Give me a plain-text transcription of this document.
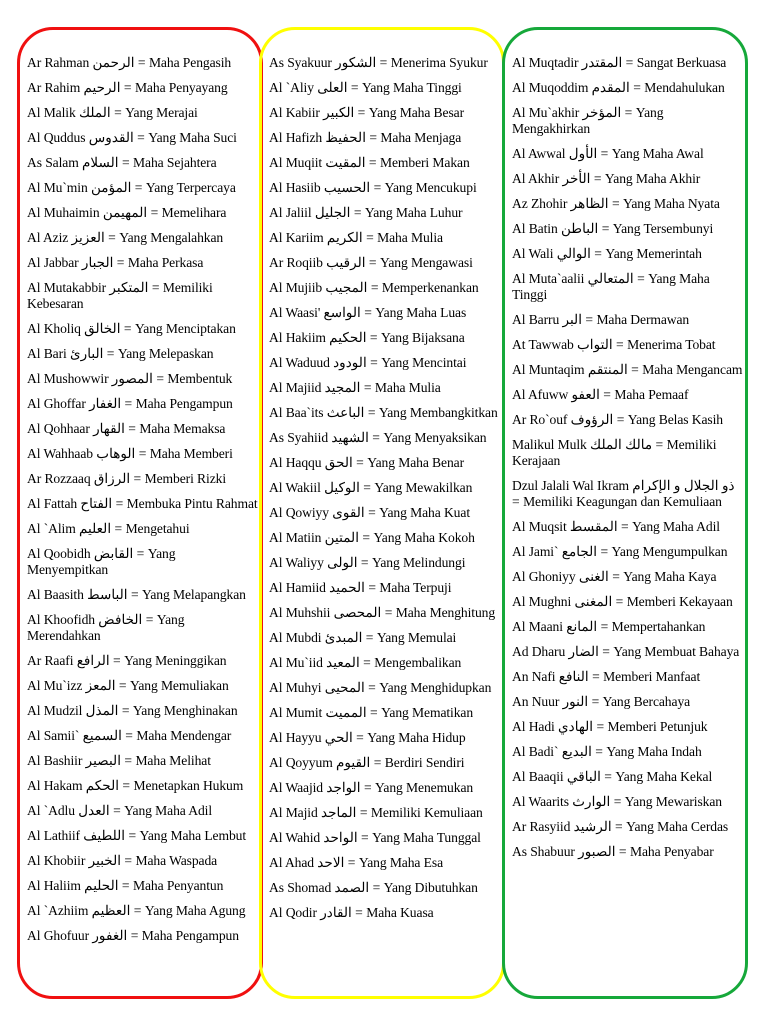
Ar Rahman الرحمن = Maha Pengasih
Ar Rahim الرحيم = Maha Penyayang
Al Malik الملك = Yang Merajai
Al Quddus القدوس = Yang Maha Suci
As Salam السلام = Maha Sejahtera
Al Mu`min المؤمن = Yang Terpercaya
Al Muhaimin المهيمن = Memelihara
Al Aziz العزيز = Yang Mengalahkan
Al Jabbar الجبار = Maha Perkasa
Al Mutakabbir المتكبر = Memiliki Kebesaran
Al Kholiq الخالق = Yang Menciptakan
Al Bari البارئ = Yang Melepaskan
Al Mushowwir المصور = Membentuk
Al Ghoffar الغفار = Maha Pengampun
Al Qohhaar القهار = Maha Memaksa
Al Wahhaab الوهاب = Maha Memberi
Ar Rozzaaq الرزاق = Memberi Rizki
Al Fattah الفتاح = Membuka Pintu Rahmat
Al `Alim العليم = Mengetahui
Al Qoobidh القابض = Yang Menyempitkan
Al Baasith الباسط = Yang Melapangkan
Al Khoofidh الخافض = Yang Merendahkan
Ar Raafi الرافع = Yang Meninggikan
Al Mu`izz المعز = Yang Memuliakan
Al Mudzil المذل = Yang Menghinakan
Al Samii` السميع = Maha Mendengar
Al Bashiir البصير = Maha Melihat
Al Hakam الحكم = Menetapkan Hukum
Al `Adlu العدل = Yang Maha Adil
Al Lathiif اللطيف = Yang Maha Lembut
Al Khobiir الخبير = Maha Waspada
Al Haliim الحليم = Maha Penyantun
Al `Azhiim العظيم = Yang Maha Agung
Al Ghofuur الغفور = Maha Pengampun
As Syakuur الشكور = Menerima Syukur
Al `Aliy العلى = Yang Maha Tinggi
Al Kabiir الكبير = Yang Maha Besar
Al Hafizh الحفيظ = Maha Menjaga
Al Muqiit المقيت = Memberi Makan
Al Hasiib الحسيب = Yang Mencukupi
Al Jaliil الجليل = Yang Maha Luhur
Al Kariim الكريم = Maha Mulia
Ar Roqiib الرقيب = Yang Mengawasi
Al Mujiib المجيب = Memperkenankan
Al Waasi' الواسع = Yang Maha Luas
Al Hakiim الحكيم = Yang Bijaksana
Al Waduud الودود = Yang Mencintai
Al Majiid المجيد = Maha Mulia
Al Baa`its الباعث = Yang Membangkitkan
As Syahiid الشهيد = Yang Menyaksikan
Al Haqqu الحق = Yang Maha Benar
Al Wakiil الوكيل = Yang Mewakilkan
Al Qowiyy القوى = Yang Maha Kuat
Al Matiin المتين = Yang Maha Kokoh
Al Waliyy الولى = Yang Melindungi
Al Hamiid الحميد = Maha Terpuji
Al Muhshii المحصى = Maha Menghitung
Al Mubdi المبدئ = Yang Memulai
Al Mu`iid المعيد = Mengembalikan
Al Muhyi المحيى = Yang Menghidupkan
Al Mumit المميت = Yang Mematikan
Al Hayyu الحي = Yang Maha Hidup
Al Qoyyum القيوم = Berdiri Sendiri
Al Waajid الواجد = Yang Menemukan
Al Majid الماجد = Memiliki Kemuliaan
Al Wahid الواحد = Yang Maha Tunggal
Al Ahad الاحد = Yang Maha Esa
As Shomad الصمد = Yang Dibutuhkan
Al Qodir القادر = Maha Kuasa
Al Muqtadir المقتدر = Sangat Berkuasa
Al Muqoddim المقدم = Mendahulukan
Al Mu`akhir المؤخر = Yang Mengakhirkan
Al Awwal الأول = Yang Maha Awal
Al Akhir الأخر = Yang Maha Akhir
Az Zhohir الظاهر = Yang Maha Nyata
Al Batin الباطن = Yang Tersembunyi
Al Wali الوالي = Yang Memerintah
Al Muta`aalii المتعالي = Yang Maha Tinggi
Al Barru البر = Maha Dermawan
At Tawwab التواب = Menerima Tobat
Al Muntaqim المنتقم = Maha Mengancam
Al Afuww العفو = Maha Pemaaf
Ar Ro`ouf الرؤوف = Yang Belas Kasih
Malikul Mulk مالك الملك = Memiliki Kerajaan
Dzul Jalali Wal Ikram ذو الجلال و الإكرام = Memiliki Keagungan dan Kemuliaan
Al Muqsit المقسط = Yang Maha Adil
Al Jami` الجامع = Yang Mengumpulkan
Al Ghoniyy الغنى = Yang Maha Kaya
Al Mughni المغنى = Memberi Kekayaan
Al Maani المانع = Mempertahankan
Ad Dharu الضار = Yang Membuat Bahaya
An Nafi النافع = Memberi Manfaat
An Nuur النور = Yang Bercahaya
Al Hadi الهادي = Memberi Petunjuk
Al Badi` البديع = Yang Maha Indah
Al Baaqii الباقي = Yang Maha Kekal
Al Waarits الوارث = Yang Mewariskan
Ar Rasyiid الرشيد = Yang Maha Cerdas
As Shabuur الصبور = Maha Penyabar
